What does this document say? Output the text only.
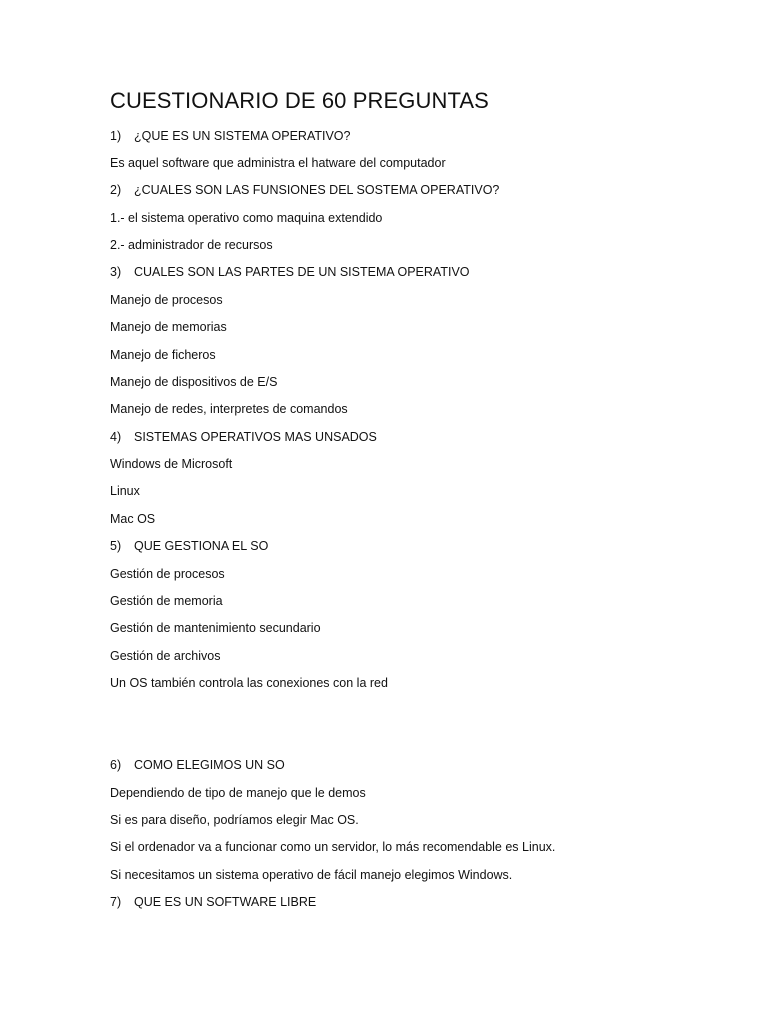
CUESTIONARIO DE 60 PREGUNTAS
1) ¿QUE ES UN SISTEMA OPERATIVO?
Es aquel software que administra el hatware del computador
2) ¿CUALES SON LAS FUNSIONES DEL SOSTEMA OPERATIVO?
1.- el sistema operativo como maquina extendido
2.- administrador de recursos
3) CUALES SON LAS PARTES DE UN SISTEMA OPERATIVO
Manejo de procesos
Manejo de memorias
Manejo de ficheros
Manejo de dispositivos de E/S
Manejo de redes, interpretes de comandos
4) SISTEMAS OPERATIVOS MAS UNSADOS
Windows de Microsoft
Linux
Mac OS
5) QUE GESTIONA EL SO
Gestión de procesos
Gestión de memoria
Gestión de mantenimiento secundario
Gestión de archivos
Un OS también controla las conexiones con la red
6) COMO ELEGIMOS UN SO
Dependiendo de tipo de manejo que le demos
Si es para diseño, podríamos elegir Mac OS.
Si el ordenador va a funcionar como un servidor, lo más recomendable es Linux.
Si necesitamos un sistema operativo de fácil manejo elegimos Windows.
7) QUE ES UN SOFTWARE LIBRE
